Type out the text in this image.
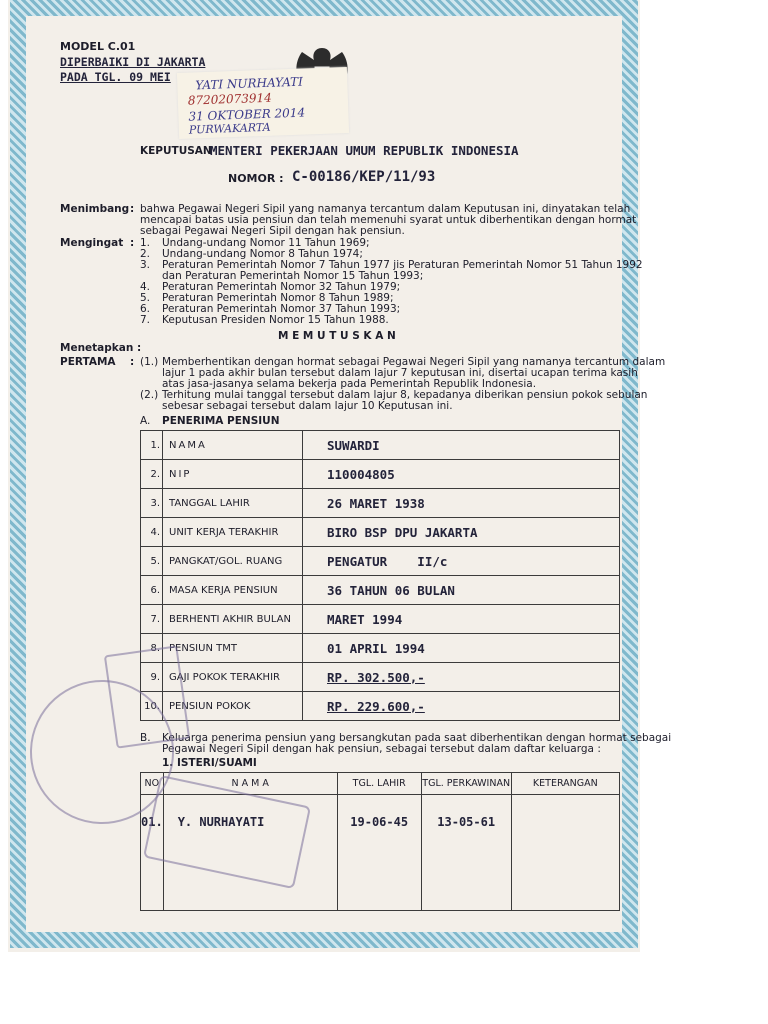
MODEL C.01
DIPERBAIKI DI JAKARTA
PADA TGL. 09 MEI YATI NURHAYATI
87202073914
31 OKTOBER 2014
PURWAKARTA
KEPUTUSAN
MENTERI PEKERJAAN UMUM REPUBLIK INDONESIA
NOMOR : C-00186/KEP/11/93
Menimbang : bahwa Pegawai Negeri Sipil yang namanya tercantum dalam Keputusan ini, dinyatakan telah
mencapai batas usia pensiun dan telah memenuhi syarat untuk diberhentikan dengan hormat
sebagai Pegawai Negeri Sipil dengan hak pensiun.
Mengingat : 1. Undang-undang Nomor 11 Tahun 1969;
2. Undang-undang Nomor 8 Tahun 1974;
3. Peraturan Pemerintah Nomor 7 Tahun 1977 jis Peraturan Pemerintah Nomor 51 Tahun 1992
dan Peraturan Pemerintah Nomor 15 Tahun 1993;
4. Peraturan Pemerintah Nomor 32 Tahun 1979;
5. Peraturan Pemerintah Nomor 8 Tahun 1989;
6. Peraturan Pemerintah Nomor 37 Tahun 1993;
7. Keputusan Presiden Nomor 15 Tahun 1988.
M E M U T U S K A N
Menetapkan :
PERTAMA : (1.) Memberhentikan dengan hormat sebagai Pegawai Negeri Sipil yang namanya tercantum dalam
lajur 1 pada akhir bulan tersebut dalam lajur 7 keputusan ini, disertai ucapan terima kasih
atas jasa-jasanya selama bekerja pada Pemerintah Republik Indonesia.
(2.) Terhitung mulai tanggal tersebut dalam lajur 8, kepadanya diberikan pensiun pokok sebulan
sebesar sebagai tersebut dalam lajur 10 Keputusan ini.
A. PENERIMA PENSIUN
1.	NAMA	SUWARDI
2.	NIP	110004805
3.	TANGGAL LAHIR	26 MARET 1938
4.	UNIT KERJA TERAKHIR	BIRO BSP DPU JAKARTA
5.	PANGKAT/GOL. RUANG	PENGATUR    II/c
6.	MASA KERJA PENSIUN	36 TAHUN 06 BULAN
7.	BERHENTI AKHIR BULAN	MARET 1994
8.	PENSIUN TMT	01 APRIL 1994
9.	GAJI POKOK TERAKHIR	RP. 302.500,-
10.	PENSIUN POKOK	RP. 229.600,-
B. Keluarga penerima pensiun yang bersangkutan pada saat diberhentikan dengan hormat sebagai
Pegawai Negeri Sipil dengan hak pensiun, sebagai tersebut dalam daftar keluarga :
1. ISTERI/SUAMI
NO	N A M A	TGL. LAHIR	TGL. PERKAWINAN	KETERANGAN
01.	Y. NURHAYATI	19-06-45	13-05-61	
